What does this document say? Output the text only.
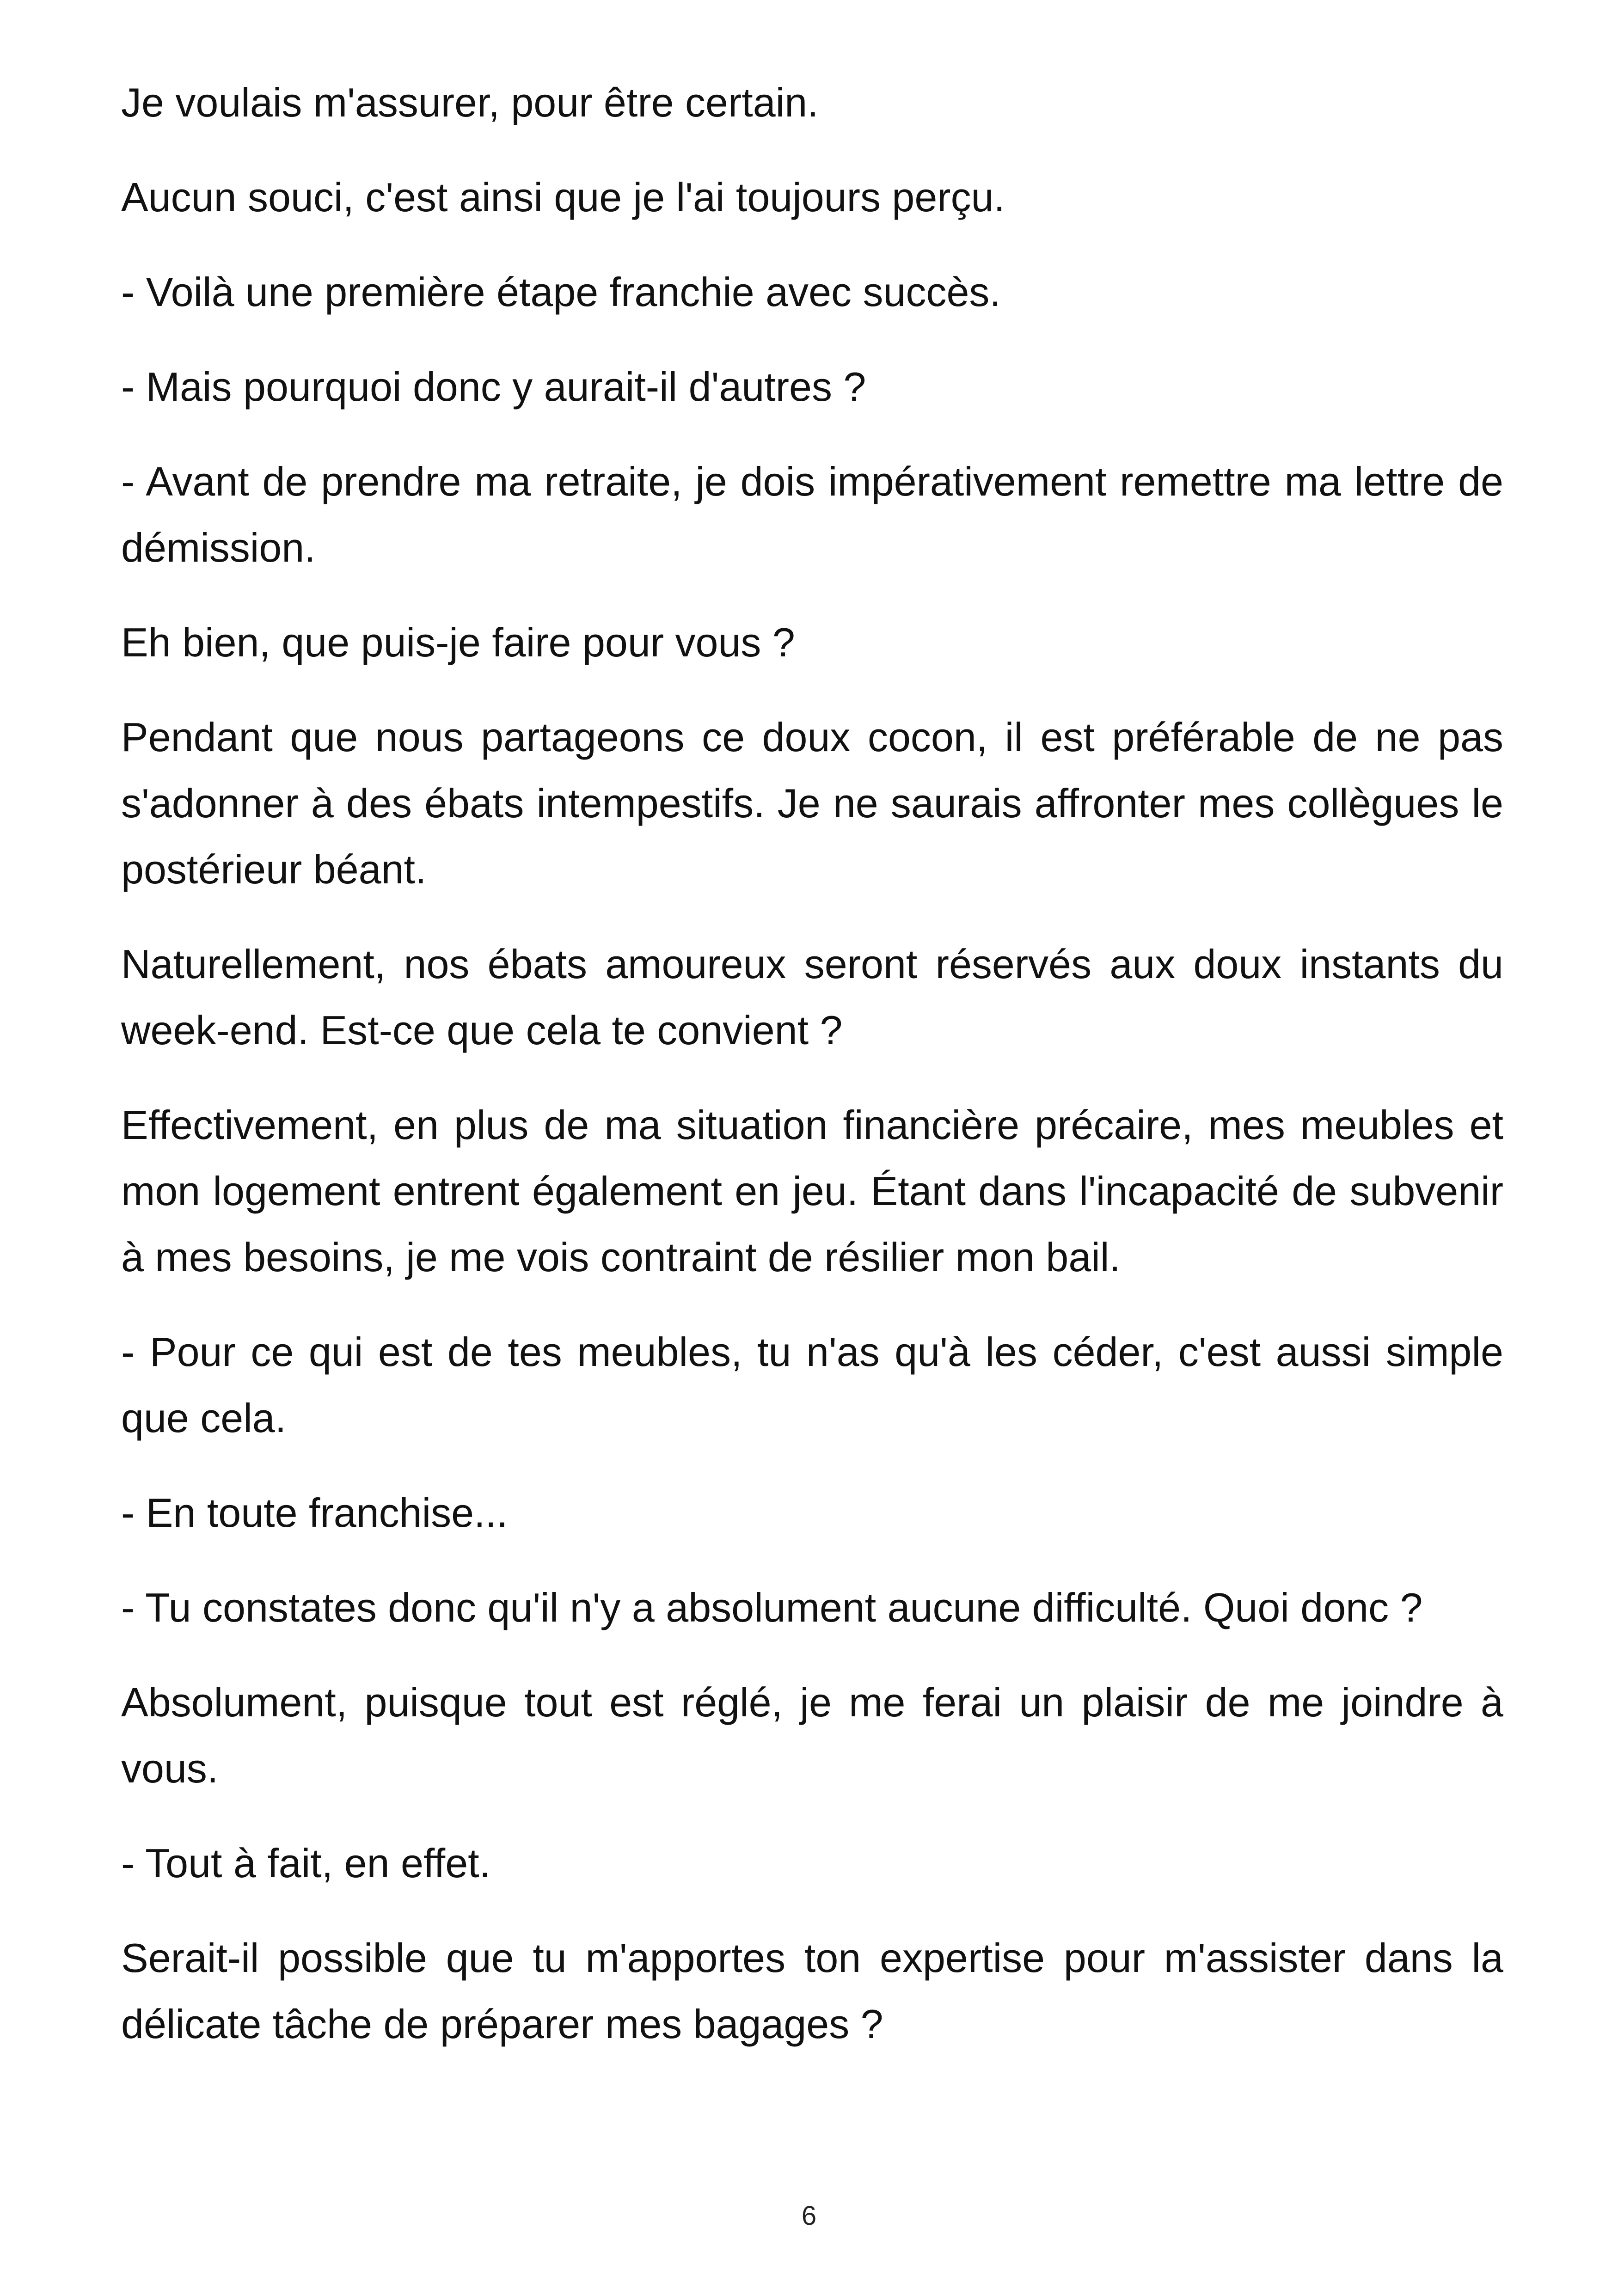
Je voulais m'assurer, pour être certain.

Aucun souci, c'est ainsi que je l'ai toujours perçu.

- Voilà une première étape franchie avec succès.

- Mais pourquoi donc y aurait-il d'autres ?

- Avant de prendre ma retraite, je dois impérativement remettre ma lettre de démission.

Eh bien, que puis-je faire pour vous ?

Pendant que nous partageons ce doux cocon, il est préférable de ne pas s'adonner à des ébats intempestifs. Je ne saurais affronter mes collègues le postérieur béant.

Naturellement, nos ébats amoureux seront réservés aux doux instants du week-end. Est-ce que cela te convient ?

Effectivement, en plus de ma situation financière précaire, mes meubles et mon logement entrent également en jeu. Étant dans l'incapacité de subvenir à mes besoins, je me vois contraint de résilier mon bail.

- Pour ce qui est de tes meubles, tu n'as qu'à les céder, c'est aussi simple que cela.

- En toute franchise...

- Tu constates donc qu'il n'y a absolument aucune difficulté. Quoi donc ?

Absolument, puisque tout est réglé, je me ferai un plaisir de me joindre à vous.

- Tout à fait, en effet.

Serait-il possible que tu m'apportes ton expertise pour m'assister dans la délicate tâche de préparer mes bagages ?

6
